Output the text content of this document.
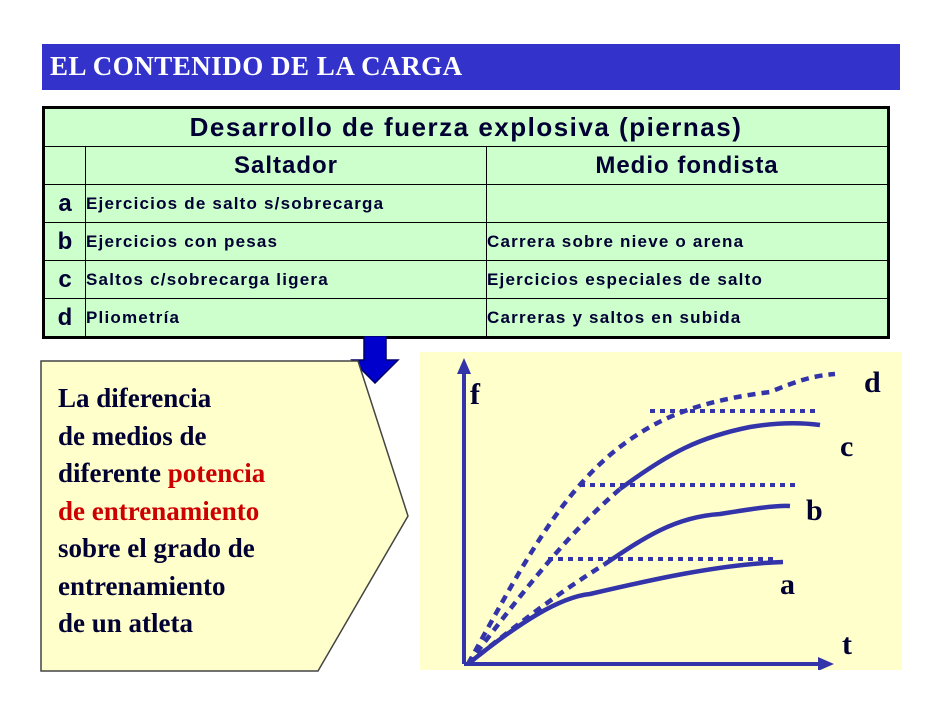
EL CONTENIDO DE LA CARGA
Desarrollo de fuerza explosiva (piernas)		
	Saltador	Medio fondista
a	Ejercicios de salto s/sobrecarga	
b	Ejercicios con pesas	Carrera sobre nieve o arena
c	Saltos c/sobrecarga ligera	Ejercicios especiales de salto
d	Pliometría	Carreras y saltos en subida
La diferencia
de medios de
diferente potencia
de entrenamiento
sobre el grado de
entrenamiento
de un atleta
f
t
a
b
c
d
